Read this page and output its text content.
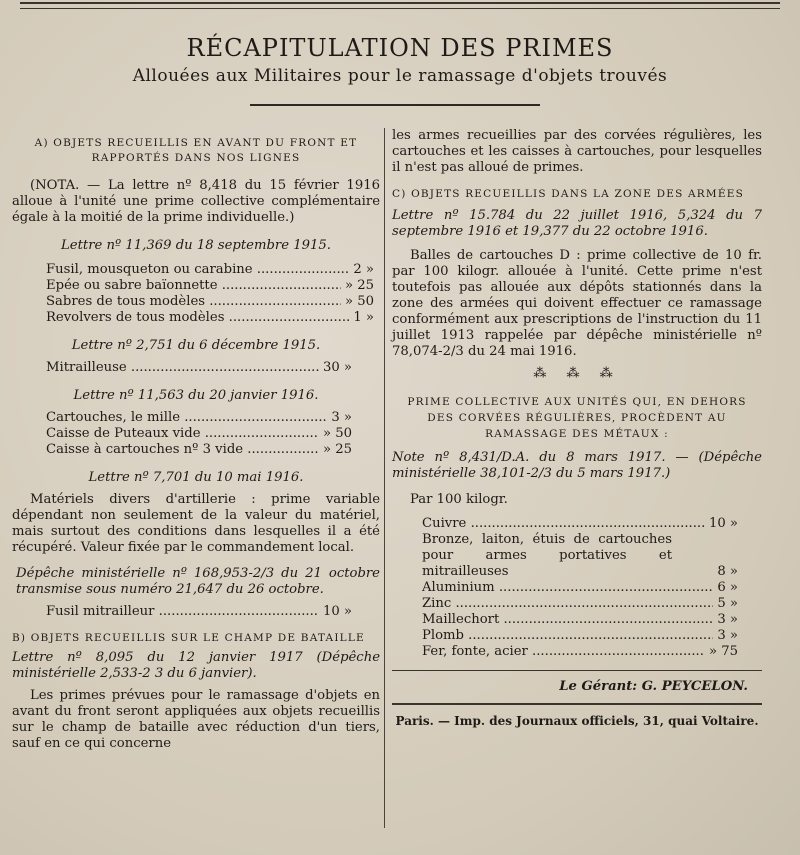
RÉCAPITULATION DES PRIMES
Allouées aux Militaires pour le ramassage d'objets trouvés

A) OBJETS RECUEILLIS EN AVANT DU FRONT ET RAPPORTÉS DANS NOS LIGNES

(NOTA. — La lettre nº 8,418 du 15 février 1916 alloue à l'unité une prime collective complémentaire égale à la moitié de la prime individuelle.)

Lettre nº 11,369 du 18 septembre 1915.

Fusil, mousqueton ou carabine .....	2 »
Epée ou sabre baïonnette .....	» 25
Sabres de tous modèles .....	» 50
Revolvers de tous modèles .....	1 »

Lettre nº 2,751 du 6 décembre 1915.

Mitrailleuse .....	30 »

Lettre nº 11,563 du 20 janvier 1916.

Cartouches, le mille .....	3 »
Caisse de Puteaux vide .....	» 50
Caisse à cartouches nº 3 vide .....	» 25

Lettre nº 7,701 du 10 mai 1916.

Matériels divers d'artillerie : prime variable dépendant non seulement de la valeur du matériel, mais surtout des conditions dans lesquelles il a été récupéré. Valeur fixée par le commandement local.

Dépêche ministérielle nº 168,953-2/3 du 21 octobre transmise sous numéro 21,647 du 26 octobre.

Fusil mitrailleur .....	10 »

B) OBJETS RECUEILLIS SUR LE CHAMP DE BATAILLE

Lettre nº 8,095 du 12 janvier 1917 (Dépêche ministérielle 2,533-2 3 du 6 janvier).

Les primes prévues pour le ramassage d'objets en avant du front seront appliquées aux objets recueillis sur le champ de bataille avec réduction d'un tiers, sauf en ce qui concerne

les armes recueillies par des corvées régulières, les cartouches et les caisses à cartouches, pour lesquelles il n'est pas alloué de primes.

C) OBJETS RECUEILLIS DANS LA ZONE DES ARMÉES

Lettre nº 15.784 du 22 juillet 1916, 5,324 du 7 septembre 1916 et 19,377 du 22 octobre 1916.

Balles de cartouches D : prime collective de 10 fr. par 100 kilogr. allouée à l'unité. Cette prime n'est toutefois pas allouée aux dépôts stationnés dans la zone des armées qui doivent effectuer ce ramassage conformément aux prescriptions de l'instruction du 11 juillet 1913 rappelée par dépêche ministérielle nº 78,074-2/3 du 24 mai 1916.

⁂ ⁂ ⁂

PRIME COLLECTIVE AUX UNITÉS QUI, EN DEHORS DES CORVÉES RÉGULIÈRES, PROCÈDENT AU RAMASSAGE DES MÉTAUX :

Note nº 8,431/D.A. du 8 mars 1917. — (Dépêche ministérielle 38,101-2/3 du 5 mars 1917.)

Par 100 kilogr.

Cuivre .....	10 »
Bronze, laiton, étuis de cartouches pour armes portatives et mitrailleuses	8 »
Aluminium .....	6 »
Zinc .....	5 »
Maillechort .....	3 »
Plomb .....	3 »
Fer, fonte, acier .....	» 75

Le Gérant: G. PEYCELON.

Paris. — Imp. des Journaux officiels, 31, quai Voltaire.
